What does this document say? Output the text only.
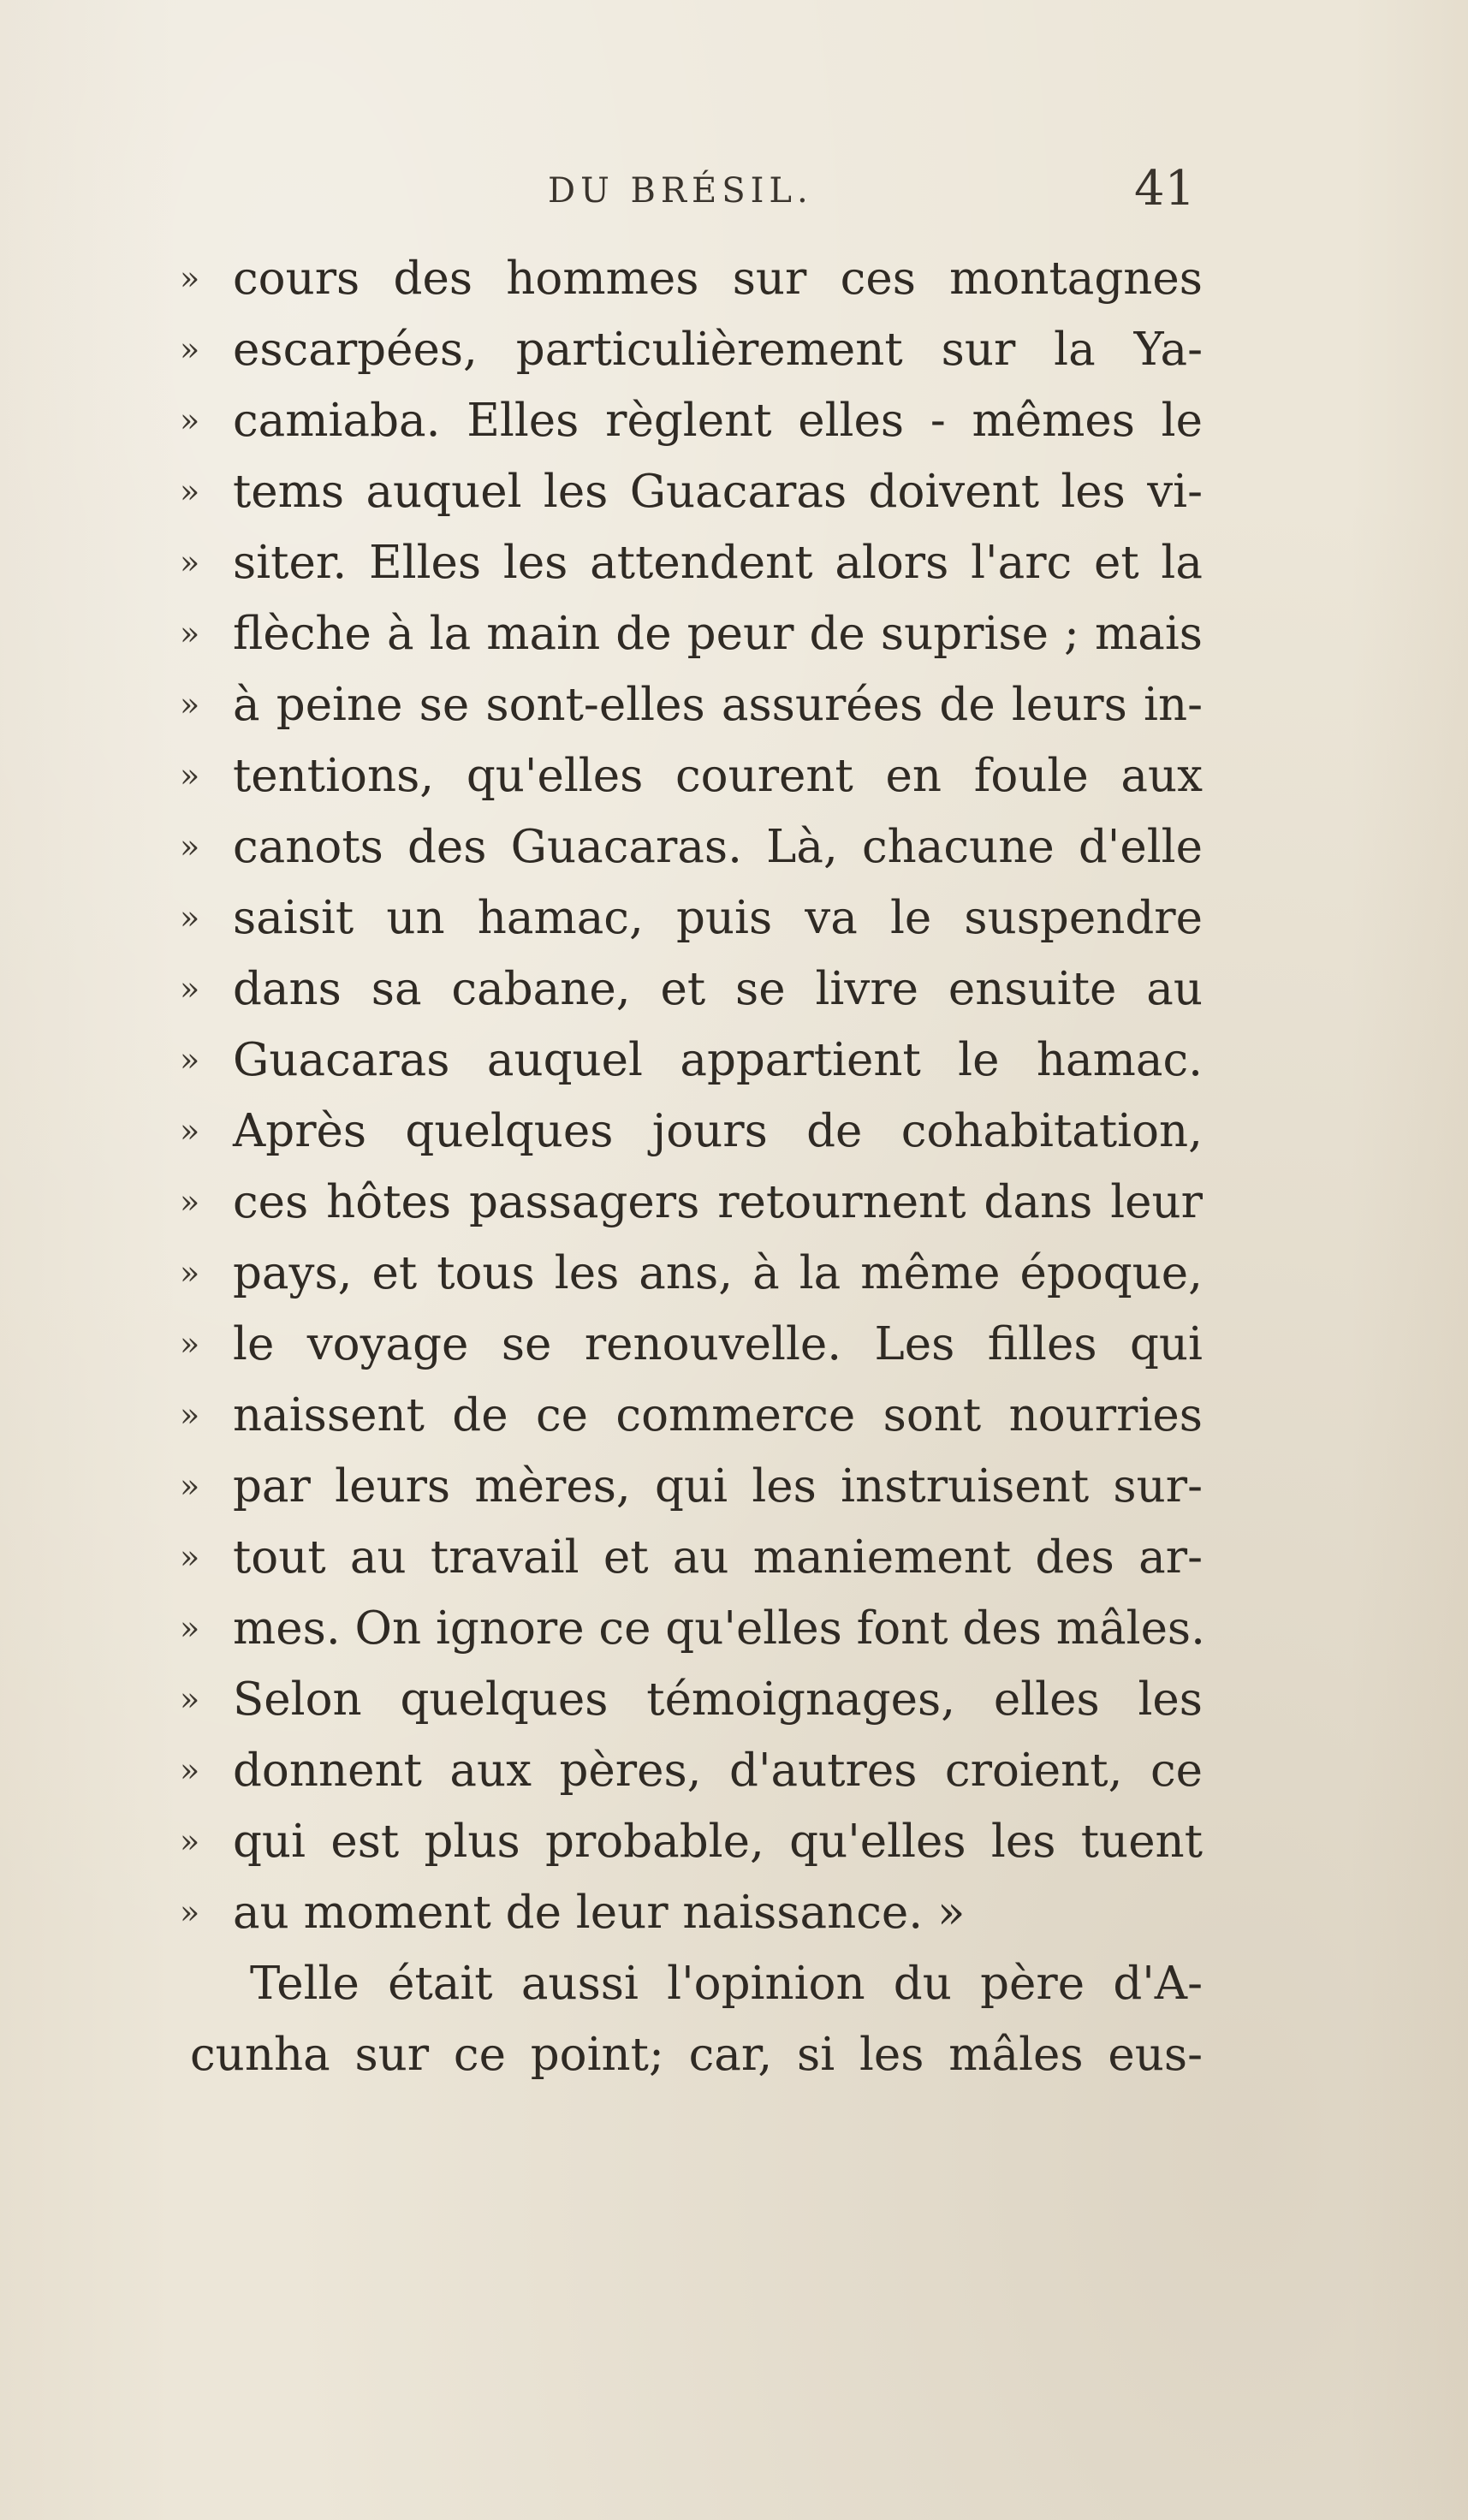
DU BRÉSIL.	41
» cours des hommes sur ces montagnes
» escarpées, particulièrement sur la Ya-
» camiaba. Elles règlent elles - mêmes le
» tems auquel les Guacaras doivent les vi-
» siter. Elles les attendent alors l'arc et la
» flèche à la main de peur de suprise ; mais
» à peine se sont-elles assurées de leurs in-
» tentions, qu'elles courent en foule aux
» canots des Guacaras. Là, chacune d'elle
» saisit un hamac, puis va le suspendre
» dans sa cabane, et se livre ensuite au
» Guacaras auquel appartient le hamac.
» Après quelques jours de cohabitation,
» ces hôtes passagers retournent dans leur
» pays, et tous les ans, à la même époque,
» le voyage se renouvelle. Les filles qui
» naissent de ce commerce sont nourries
» par leurs mères, qui les instruisent sur-
» tout au travail et au maniement des ar-
» mes. On ignore ce qu'elles font des mâles.
» Selon quelques témoignages, elles les
» donnent aux pères, d'autres croient, ce
» qui est plus probable, qu'elles les tuent
» au moment de leur naissance. »
Telle était aussi l'opinion du père d'A-
cunha sur ce point; car, si les mâles eus-
